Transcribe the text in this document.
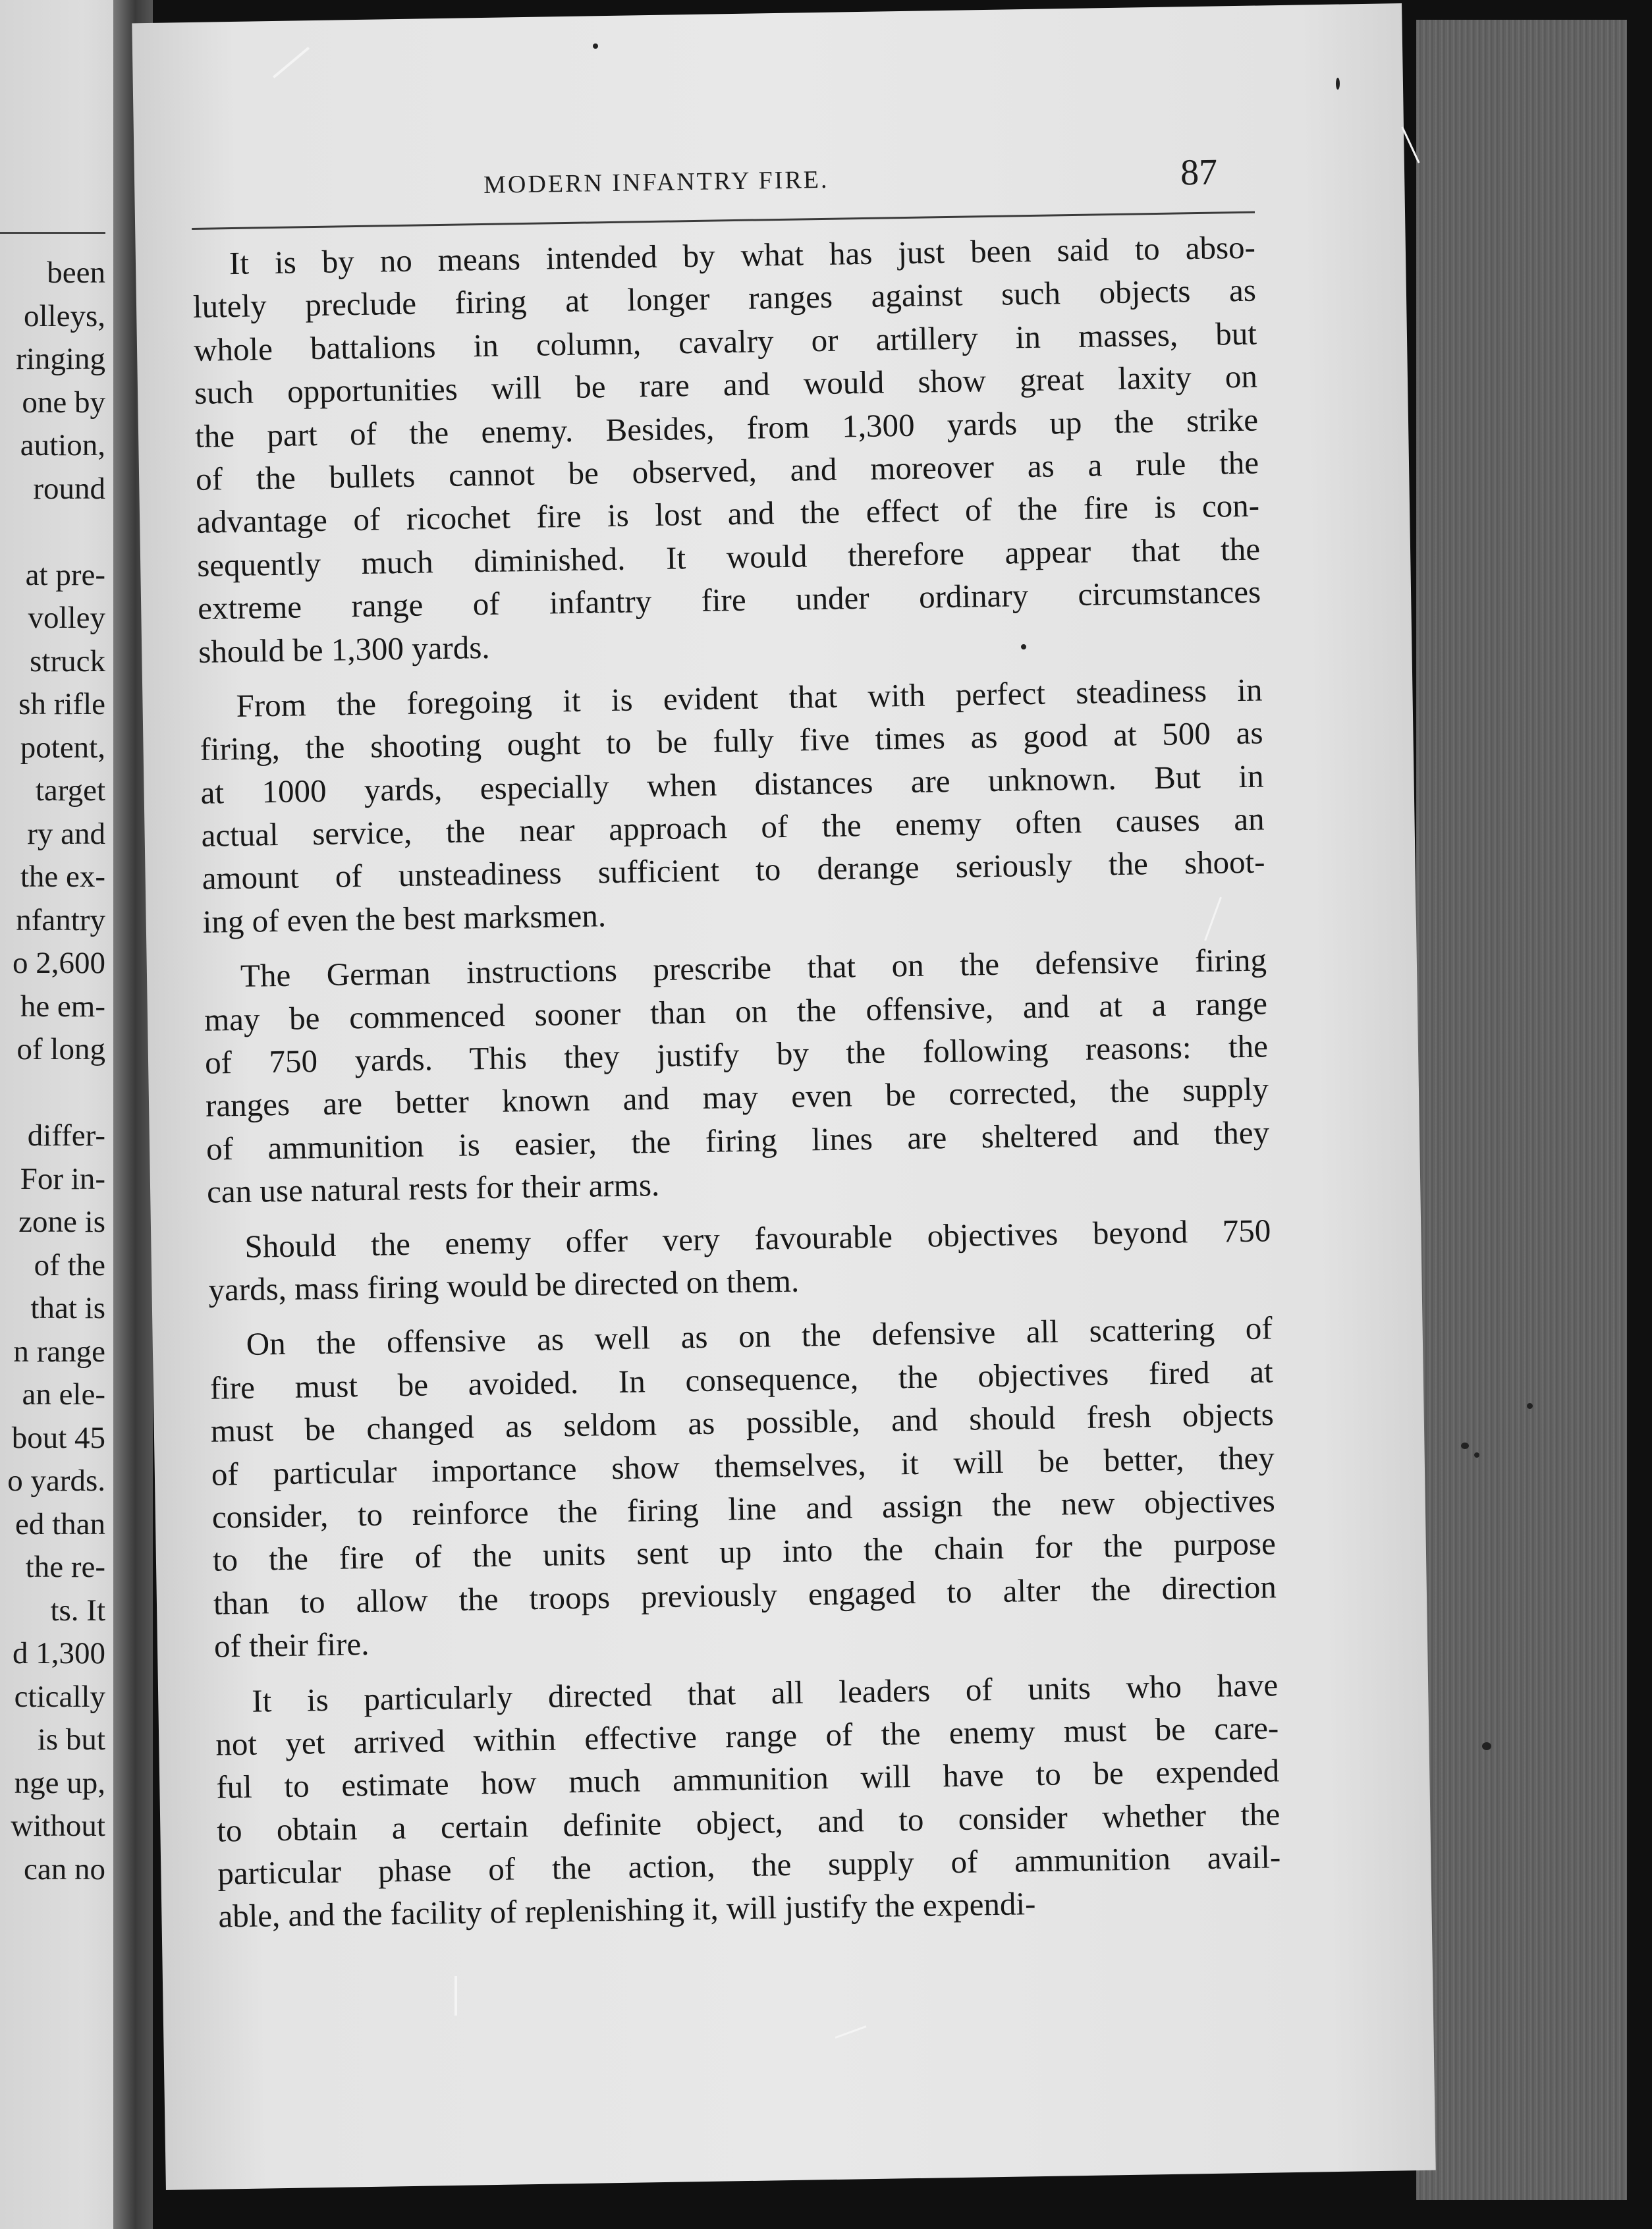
been
olleys,
ringing
one by
aution,
round
at pre-
volley
struck
sh rifle
potent,
target
ry and
the ex-
nfantry
o 2,600
he em-
of long
differ-
For in-
zone is
of the
that is
n range
an ele-
bout 45
o yards.
ed than
the re-
ts. It
d 1,300
ctically
is but
nge up,
without
can no
MODERN INFANTRY FIRE.	87
It is by no means intended by what has just been said to abso-
lutely preclude firing at longer ranges against such objects as
whole battalions in column, cavalry or artillery in masses, but
such opportunities will be rare and would show great laxity on
the part of the enemy. Besides, from 1,300 yards up the strike
of the bullets cannot be observed, and moreover as a rule the
advantage of ricochet fire is lost and the effect of the fire is con-
sequently much diminished. It would therefore appear that the
extreme range of infantry fire under ordinary circumstances
should be 1,300 yards.
From the foregoing it is evident that with perfect steadiness in
firing, the shooting ought to be fully five times as good at 500 as
at 1000 yards, especially when distances are unknown. But in
actual service, the near approach of the enemy often causes an
amount of unsteadiness sufficient to derange seriously the shoot-
ing of even the best marksmen.
The German instructions prescribe that on the defensive firing
may be commenced sooner than on the offensive, and at a range
of 750 yards. This they justify by the following reasons: the
ranges are better known and may even be corrected, the supply
of ammunition is easier, the firing lines are sheltered and they
can use natural rests for their arms.
Should the enemy offer very favourable objectives beyond 750
yards, mass firing would be directed on them.
On the offensive as well as on the defensive all scattering of
fire must be avoided. In consequence, the objectives fired at
must be changed as seldom as possible, and should fresh objects
of particular importance show themselves, it will be better, they
consider, to reinforce the firing line and assign the new objectives
to the fire of the units sent up into the chain for the purpose
than to allow the troops previously engaged to alter the direction
of their fire.
It is particularly directed that all leaders of units who have
not yet arrived within effective range of the enemy must be care-
ful to estimate how much ammunition will have to be expended
to obtain a certain definite object, and to consider whether the
particular phase of the action, the supply of ammunition avail-
able, and the facility of replenishing it, will justify the expendi-
